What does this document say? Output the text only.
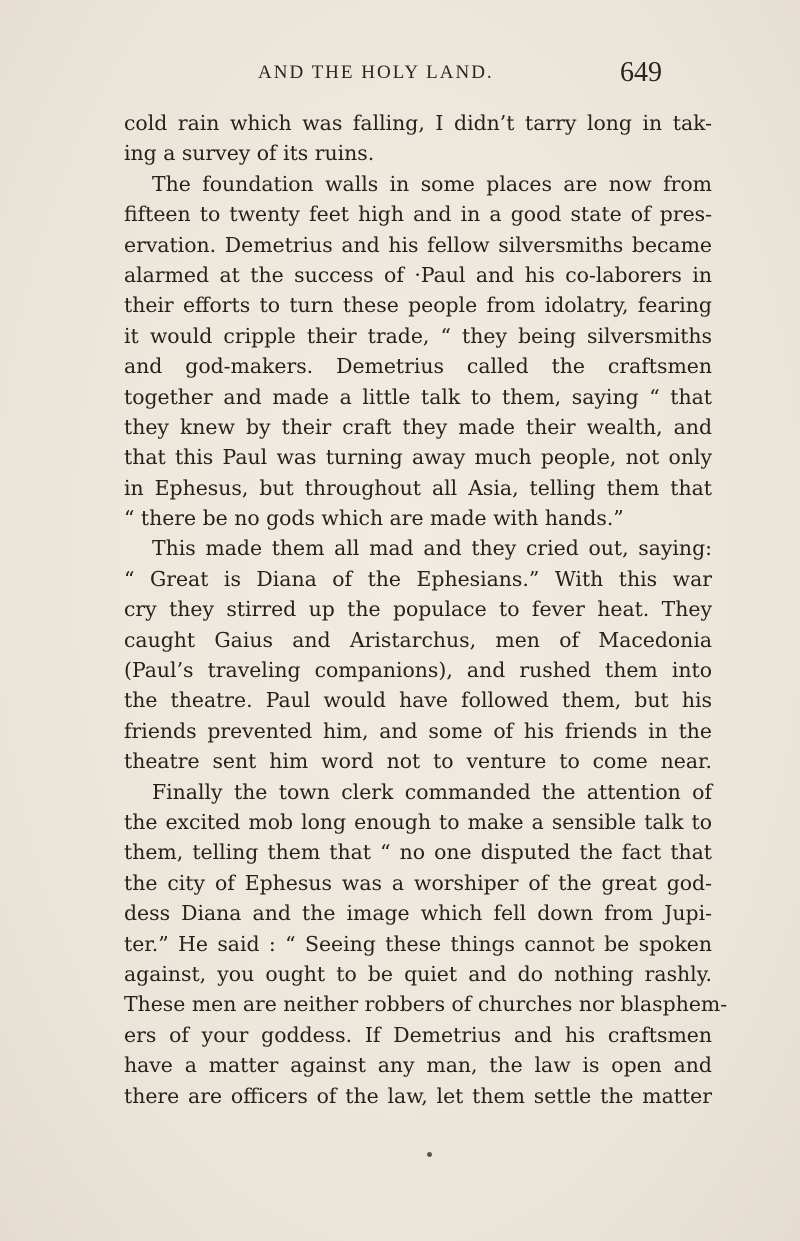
AND THE HOLY LAND.	649
cold rain which was falling, I didn’t tarry long in tak-
ing a survey of its ruins.
The foundation walls in some places are now from
fifteen to twenty feet high and in a good state of pres-
ervation. Demetrius and his fellow silversmiths became
alarmed at the success of ·Paul and his co-laborers in
their efforts to turn these people from idolatry, fearing
it would cripple their trade, “ they being silversmiths
and god-makers. Demetrius called the craftsmen
together and made a little talk to them, saying “ that
they knew by their craft they made their wealth, and
that this Paul was turning away much people, not only
in Ephesus, but throughout all Asia, telling them that
“ there be no gods which are made with hands.”
This made them all mad and they cried out, saying:
“ Great is Diana of the Ephesians.” With this war
cry they stirred up the populace to fever heat. They
caught Gaius and Aristarchus, men of Macedonia
(Paul’s traveling companions), and rushed them into
the theatre. Paul would have followed them, but his
friends prevented him, and some of his friends in the
theatre sent him word not to venture to come near.
Finally the town clerk commanded the attention of
the excited mob long enough to make a sensible talk to
them, telling them that “ no one disputed the fact that
the city of Ephesus was a worshiper of the great god-
dess Diana and the image which fell down from Jupi-
ter.” He said : “ Seeing these things cannot be spoken
against, you ought to be quiet and do nothing rashly.
These men are neither robbers of churches nor blasphem-
ers of your goddess. If Demetrius and his craftsmen
have a matter against any man, the law is open and
there are officers of the law, let them settle the matter
